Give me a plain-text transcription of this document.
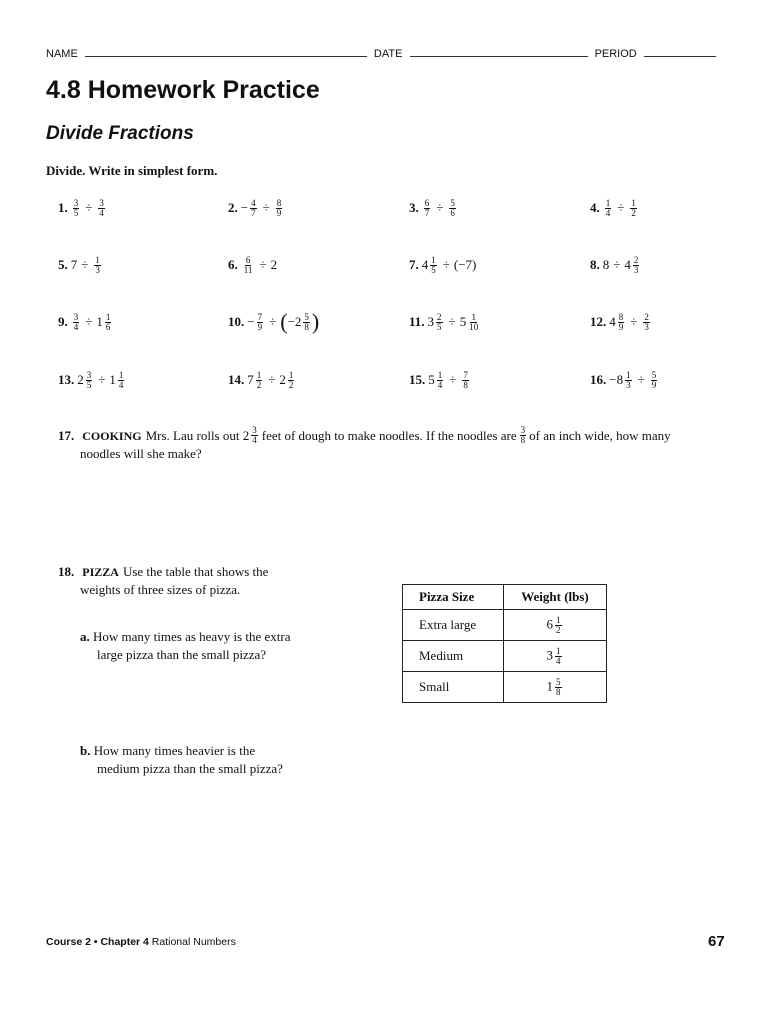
NAME	DATE	PERIOD
4.8 Homework Practice
Divide Fractions
Divide. Write in simplest form.
1. $\frac{3}{5} \div \frac{3}{4}$	2. − $\frac{4}{7} \div \frac{8}{9}$	3. $\frac{6}{7} \div \frac{5}{6}$	4. $\frac{1}{4} \div \frac{1}{2}$
5. $7 \div \frac{1}{3}$	6. $\frac{6}{11} \div 2$	7. $4 \frac{1}{5} \div (-7)$	8. $8 \div 4 \frac{2}{3}$
9. $\frac{3}{4} \div 1 \frac{1}{6}$	10. − $\frac{7}{9}$ ÷ ( $-2 \frac{5}{8}$ )	11. $3 \frac{2}{5} \div 5 \frac{1}{10}$	12. $4 \frac{8}{9} \div \frac{2}{3}$
13. $2 \frac{3}{5} \div 1 \frac{1}{4}$	14. $7 \frac{1}{2} \div 2 \frac{1}{2}$	15. $5 \frac{1}{4} \div \frac{7}{8}$	16. $-8 \frac{1}{3} \div \frac{5}{9}$
17. COOKING Mrs. Lau rolls out $2 \frac{3}{4}$ feet of dough to make noodles. If the noodles are $\frac{3}{8}$ of an inch wide, how many
noodles will she make?
18. PIZZA Use the table that shows the
weights of three sizes of pizza.
a. How many times as heavy is the extra
large pizza than the small pizza?
b. How many times heavier is the
medium pizza than the small pizza?
Pizza Size	Weight (lbs)
Extra large	$6 \frac{1}{2}$

Medium	$3 \frac{1}{4}$

Small	$1 \frac{5}{8}$
Course 2 • Chapter 4 Rational Numbers	67
